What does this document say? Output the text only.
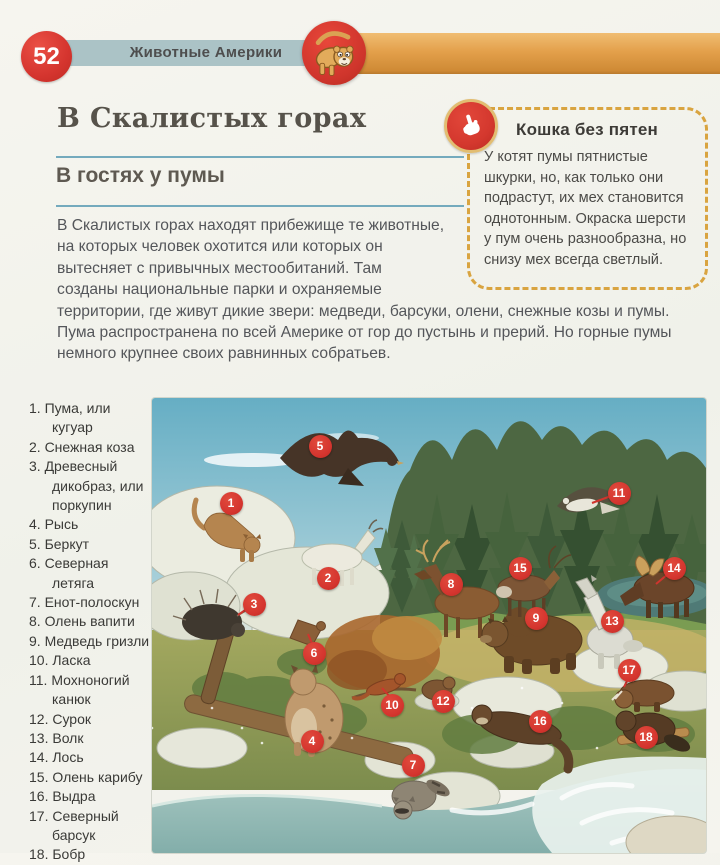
52	Животные Америки
В Скалистых горах
В гостях у пумы
В Скалистых горах находят прибежище те животные, на которых человек охотится или которых он вытесняет с привычных местообитаний. Там созданы национальные парки и охраняемые территории, где живут дикие звери: медведи, барсуки, олени, снежные козы и пумы. Пума распространена по всей Америке от гор до пустынь и прерий. Но горные пумы немного крупнее своих равнинных собратьев.
Кошка без пятен
У котят пумы пятнистые шкурки, но, как только они подрастут, их мех становится однотонным. Окраска шерсти у пум очень разнообразна, но снизу мех всегда светлый.
1. Пума, или кугуар
2. Снежная коза
3. Древесный дикобраз, или поркупин
4. Рысь
5. Беркут
6. Северная летяга
7. Енот-полоскун
8. Олень вапити
9. Медведь гризли
10. Ласка
11. Мохноногий канюк
12. Сурок
13. Волк
14. Лось
15. Олень карибу
16. Выдра
17. Северный барсук
18. Бобр
1
2
3
4
5
6
7
8
9
10
11
12
13
14
15
16
17
18
